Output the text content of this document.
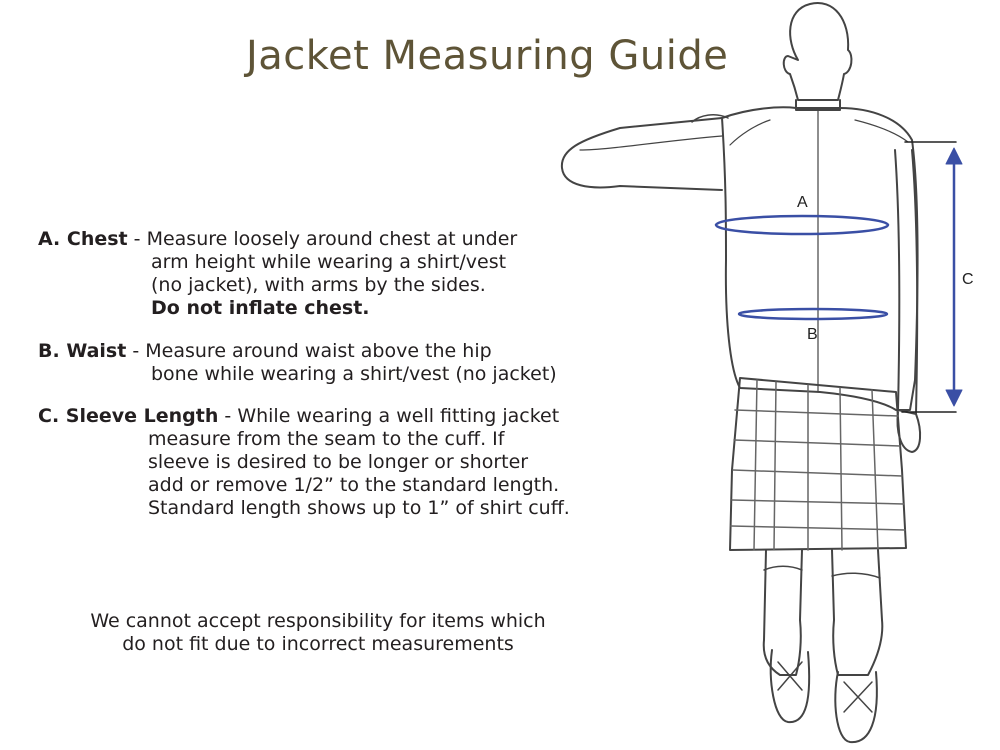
Jacket Measuring Guide
A. Chest - Measure loosely around chest at under
arm height while wearing a shirt/vest
(no jacket), with arms by the sides.
Do not inflate chest.
B. Waist - Measure around waist above the hip
bone while wearing a shirt/vest (no jacket)
C. Sleeve Length - While wearing a well fitting jacket
measure from the seam to the cuff. If
sleeve is desired to be longer or shorter
add or remove 1/2” to the standard length.
Standard length shows up to 1” of shirt cuff.
We cannot accept responsibility for items which
do not fit due to incorrect measurements
A
B
C
